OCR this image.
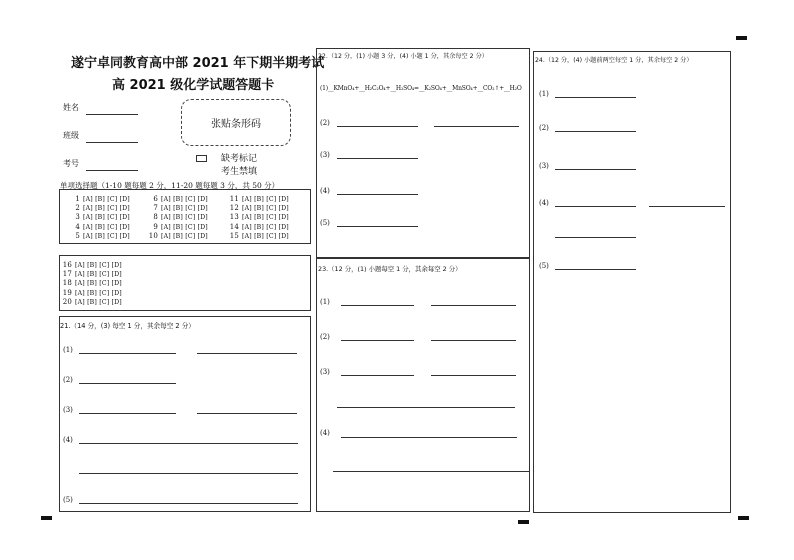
遂宁卓同教育高中部 2021 年下期半期考试
高 2021 级化学试题答题卡
姓名
班级
考号
张贴条形码
缺考标记
考生禁填
单项选择题（1-10 题每题 2 分，11-20 题每题 3 分，共 50 分）
1 [A] [B] [C] [D]
2 [A] [B] [C] [D]
3 [A] [B] [C] [D]
4 [A] [B] [C] [D]
5 [A] [B] [C] [D]
6 [A] [B] [C] [D]
7 [A] [B] [C] [D]
8 [A] [B] [C] [D]
9 [A] [B] [C] [D]
10 [A] [B] [C] [D]
11 [A] [B] [C] [D]
12 [A] [B] [C] [D]
13 [A] [B] [C] [D]
14 [A] [B] [C] [D]
15 [A] [B] [C] [D]
16 [A] [B] [C] [D]
17 [A] [B] [C] [D]
18 [A] [B] [C] [D]
19 [A] [B] [C] [D]
20 [A] [B] [C] [D]
21.（14 分，(3) 每空 1 分，其余每空 2 分）
(1)
(2)
(3)
(4)
(5)
22.（12 分，(1) 小题 3 分，(4) 小题 1 分，其余每空 2 分）
(1)__KMnO₄+__H₂C₂O₄+__H₂SO₄=__K₂SO₄+__MnSO₄+__CO₂↑+__H₂O
(2)
(3)
(4)
(5)
23.（12 分，(1) 小题每空 1 分，其余每空 2 分）
(1)
(2)
(3)
(4)
24.（12 分，(4) 小题前两空每空 1 分，其余每空 2 分）
(1)
(2)
(3)
(4)
(5)
